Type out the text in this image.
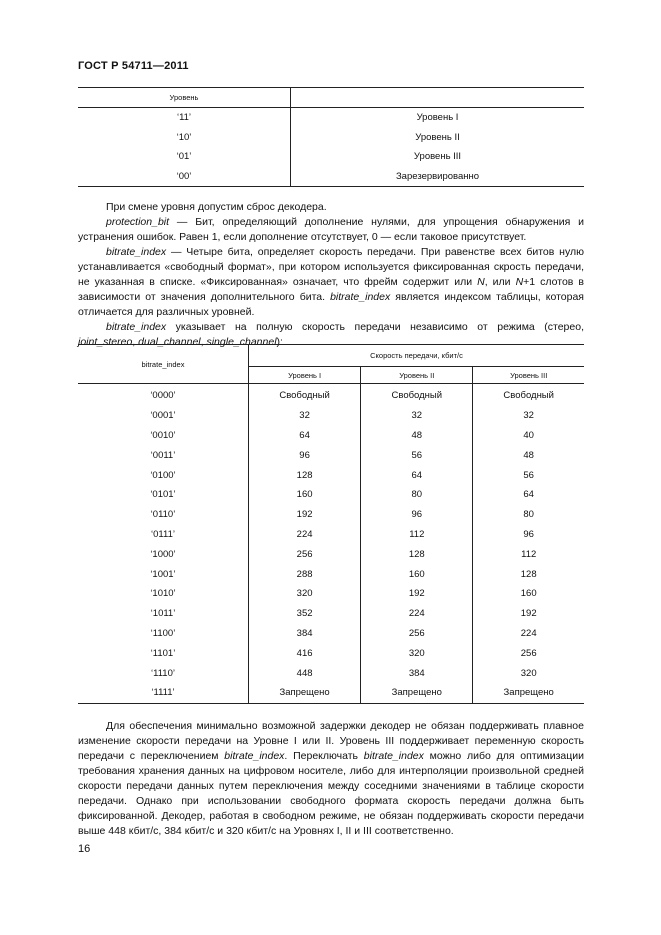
ГОСТ Р 54711—2011
Уровень	
‘11’	Уровень I
‘10’	Уровень II
‘01’	Уровень III
‘00’	Зарезервированно

При смене уровня допустим сброс декодера.

protection_bit — Бит, определяющий дополнение нулями, для упрощения обнаружения и устранения ошибок. Равен 1, если дополнение отсутствует, 0 — если таковое присутствует.

bitrate_index — Четыре бита, определяет скорость передачи. При равенстве всех битов нулю устанавливается «свободный формат», при котором используется фиксированная скрость передачи, не указанная в списке. «Фиксированная» означает, что фрейм содержит или N, или N+1 слотов в зависимости от значения дополнительного бита. bitrate_index является индексом таблицы, которая отличается для различных уровней.

bitrate_index указывает на полную скорость передачи независимо от режима (стерео, joint_stereo, dual_channel, single_channel):

bitrate_index	Скорость передачи, кбит/с		
	Уровень I	Уровень II	Уровень III
‘0000’	Свободный	Свободный	Свободный
‘0001’	32	32	32
‘0010’	64	48	40
‘0011’	96	56	48
‘0100’	128	64	56
‘0101’	160	80	64
‘0110’	192	96	80
‘0111’	224	112	96
‘1000’	256	128	112
‘1001’	288	160	128
‘1010’	320	192	160
‘1011’	352	224	192
‘1100’	384	256	224
‘1101’	416	320	256
‘1110’	448	384	320
‘1111’	Запрещено	Запрещено	Запрещено

Для обеспечения минимально возможной задержки декодер не обязан поддерживать плавное изменение скорости передачи на Уровне I или II. Уровень III поддерживает переменную скорость передачи с переключением bitrate_index. Переключать bitrate_index можно либо для оптимизации требования хранения данных на цифровом носителе, либо для интерполяции произвольной средней скорости передачи данных путем переключения между соседними значениями в таблице скорости передачи. Однако при использовании свободного формата скорость передачи должна быть фиксированной. Декодер, работая в свободном режиме, не обязан поддерживать скорости передачи выше 448 кбит/с, 384 кбит/с и 320 кбит/с на Уровнях I, II и III соответственно.

16
